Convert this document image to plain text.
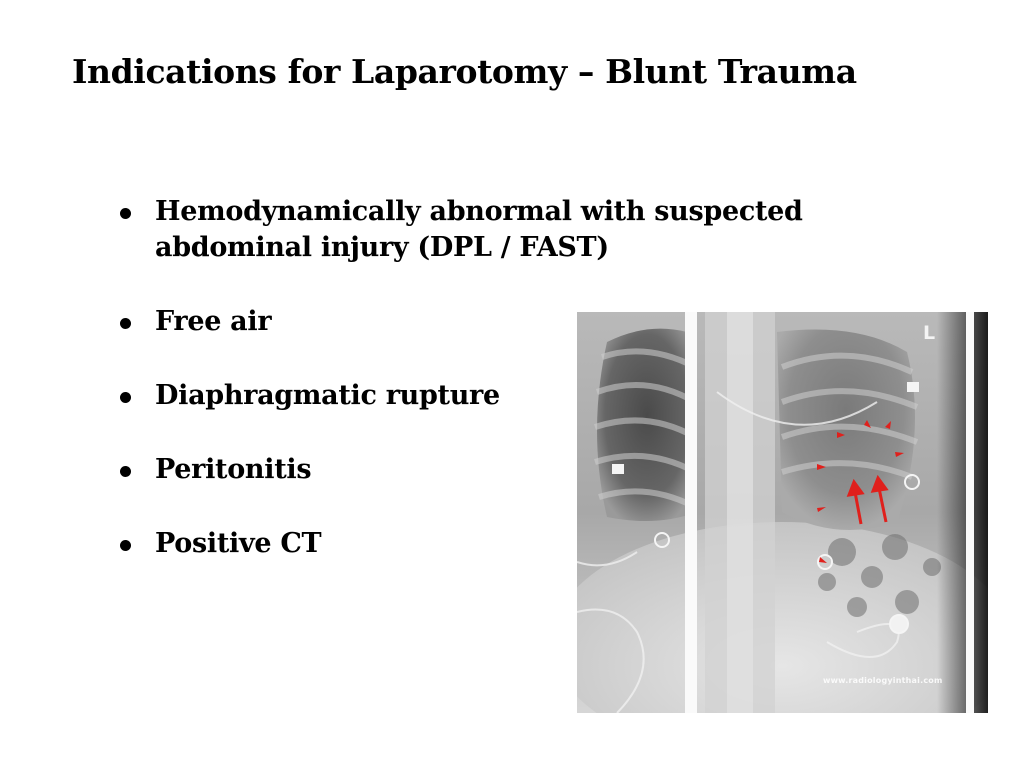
Indications for Laparotomy – Blunt Trauma
Hemodynamically abnormal with suspected abdominal injury (DPL / FAST)
Free air
Diaphragmatic rupture
Peritonitis
Positive CT
L
www.radiologyinthai.com
